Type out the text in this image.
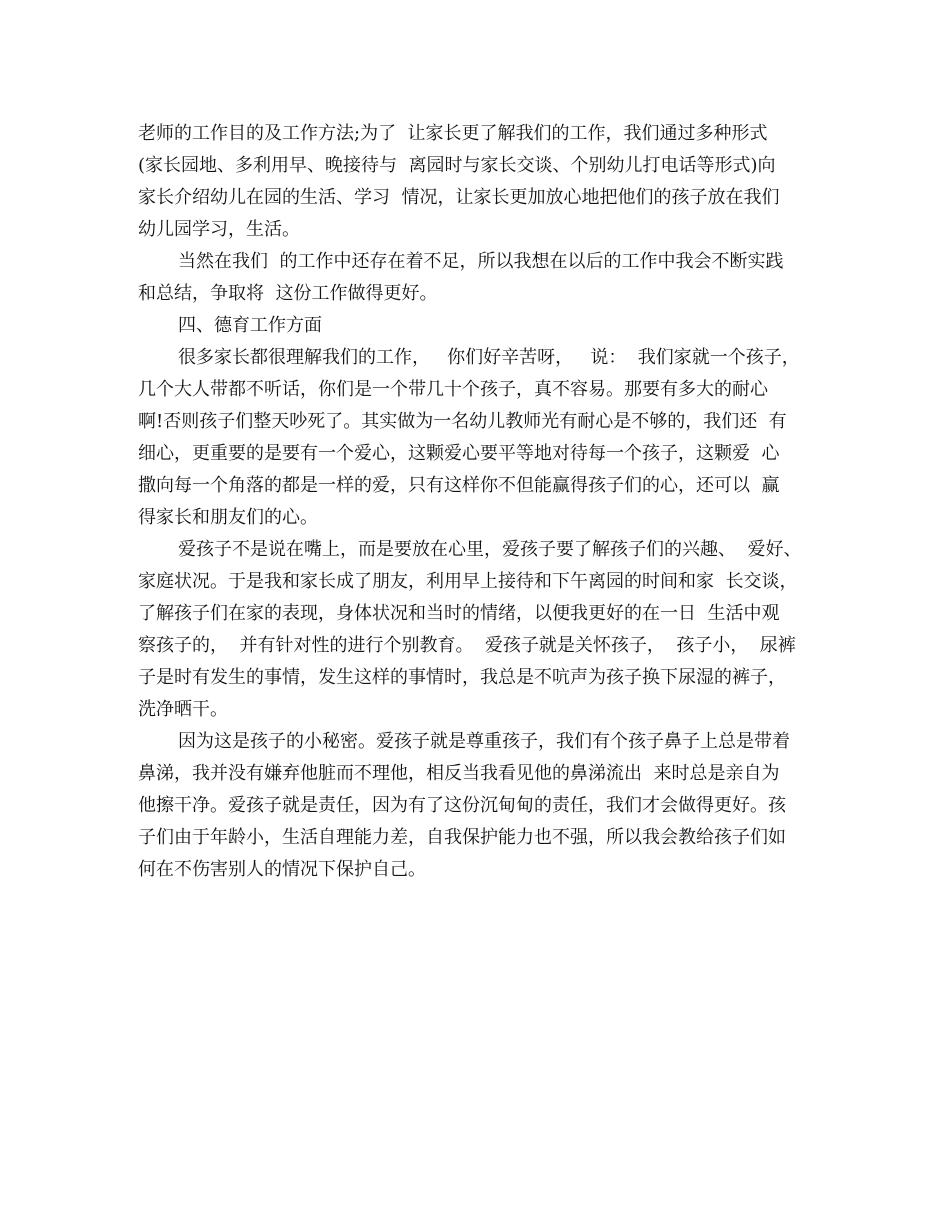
老师的工作目的及工作方法;为了  让家长更了解我们的工作，我们通过多种形式
(家长园地、多利用早、晚接待与  离园时与家长交谈、个别幼儿打电话等形式)向
家长介绍幼儿在园的生活、学习  情况，让家长更加放心地把他们的孩子放在我们
幼儿园学习，生活。
当然在我们  的工作中还存在着不足，所以我想在以后的工作中我会不断实践
和总结，争取将  这份工作做得更好。
四、德育工作方面
很多家长都很理解我们的工作，   你们好辛苦呀，   说：  我们家就一个孩子，
几个大人带都不听话，你们是一个带几十个孩子，真不容易。那要有多大的耐心
啊!否则孩子们整天吵死了。其实做为一名幼儿教师光有耐心是不够的，我们还  有
细心，更重要的是要有一个爱心，这颗爱心要平等地对待每一个孩子，这颗爱  心
撒向每一个角落的都是一样的爱，只有这样你不但能赢得孩子们的心，还可以  赢
得家长和朋友们的心。
爱孩子不是说在嘴上，而是要放在心里，爱孩子要了解孩子们的兴趣、  爱好、
家庭状况。于是我和家长成了朋友，利用早上接待和下午离园的时间和家  长交谈，
了解孩子们在家的表现，身体状况和当时的情绪，以便我更好的在一日  生活中观
察孩子的，  并有针对性的进行个别教育。  爱孩子就是关怀孩子，  孩子小，  尿裤
子是时有发生的事情，发生这样的事情时，我总是不吭声为孩子换下尿湿的裤子，
洗净晒干。
因为这是孩子的小秘密。爱孩子就是尊重孩子，我们有个孩子鼻子上总是带着
鼻涕，我并没有嫌弃他脏而不理他，相反当我看见他的鼻涕流出  来时总是亲自为
他擦干净。爱孩子就是责任，因为有了这份沉甸甸的责任，我们才会做得更好。孩
子们由于年龄小，生活自理能力差，自我保护能力也不强，所以我会教给孩子们如
何在不伤害别人的情况下保护自己。
